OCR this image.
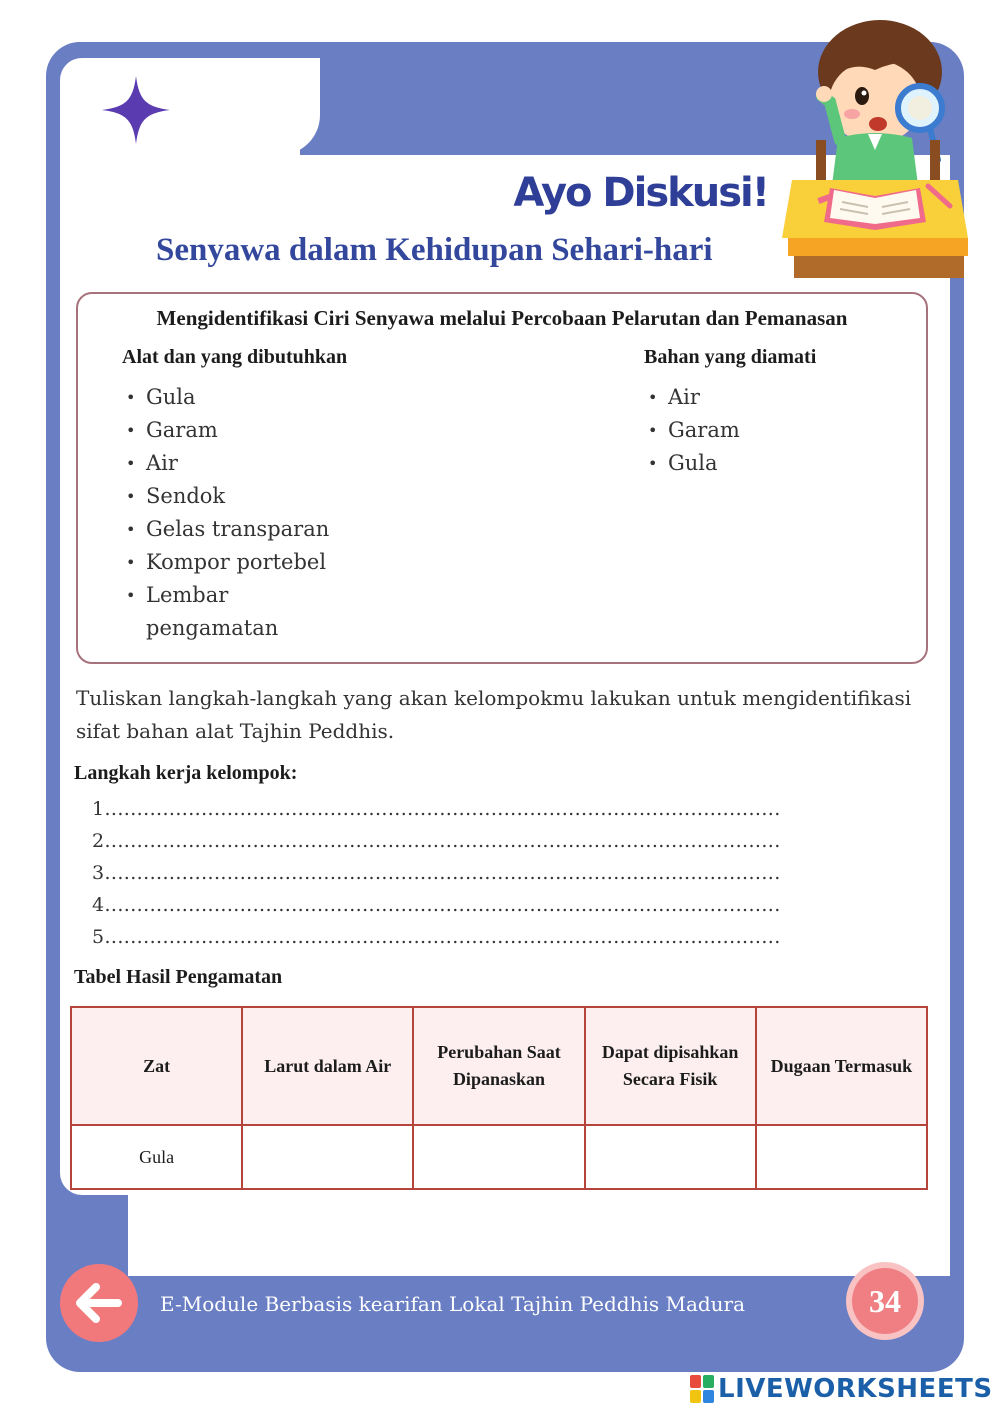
Ayo Diskusi!
Senyawa dalam Kehidupan Sehari-hari
Mengidentifikasi Ciri Senyawa melalui Percobaan Pelarutan dan Pemanasan
Alat dan yang dibutuhkan	Bahan yang diamati
• Gula
• Garam
• Air
• Sendok
• Gelas transparan
• Kompor portebel
• Lembar
pengamatan
• Air
• Garam
• Gula
Tuliskan langkah-langkah yang akan kelompokmu lakukan untuk mengidentifikasi
sifat bahan alat Tajhin Peddhis.
Langkah kerja kelompok:
1.........................................................................................................
2.........................................................................................................
3.........................................................................................................
4.........................................................................................................
5.........................................................................................................
Tabel Hasil Pengamatan
Zat	Larut dalam Air	Perubahan Saat Dipanaskan	Dapat dipisahkan Secara Fisik	Dugaan Termasuk
Gula				
E-Module Berbasis kearifan Lokal Tajhin Peddhis Madura	34
LIVEWORKSHEETS
